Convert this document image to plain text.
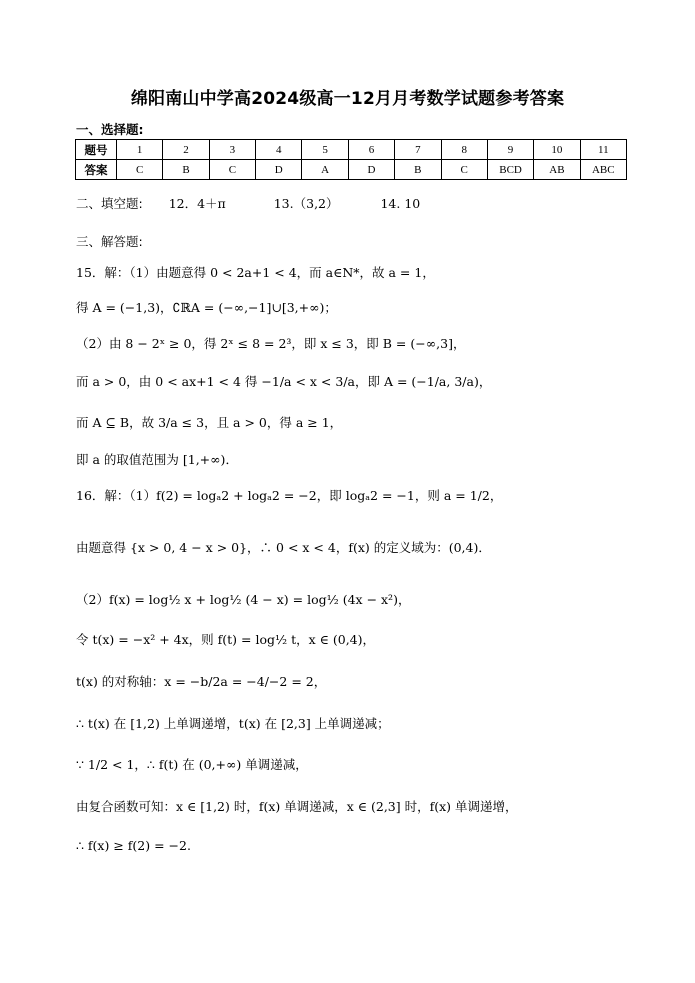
绵阳南山中学高2024级高一12月月考数学试题参考答案
一、选择题:
题号	1	2	3	4	5	6	7	8	9	10	11
答案	C	B	C	D	A	D	B	C	BCD	AB	ABC
二、填空题: 12．4＋π	13.（3,2）	14. 10
三、解答题:
15．解：（1）由题意得 0 < 2a+1 < 4，而 a∈N*，故 a = 1，
得 A = (−1,3)，∁ℝA = (−∞,−1]∪[3,+∞)；
（2）由 8 − 2ˣ ≥ 0，得 2ˣ ≤ 8 = 2³，即 x ≤ 3，即 B = (−∞,3]，
而 a > 0，由 0 < ax+1 < 4 得 −1/a < x < 3/a，即 A = (−1/a, 3/a)，
而 A ⊆ B，故 3/a ≤ 3，且 a > 0，得 a ≥ 1，
即 a 的取值范围为 [1,+∞)．
16．解：（1）f(2) = logₐ2 + logₐ2 = −2，即 logₐ2 = −1，则 a = 1/2，
由题意得 {x > 0, 4 − x > 0}，∴ 0 < x < 4，f(x) 的定义域为：(0,4)．
（2）f(x) = log½ x + log½ (4 − x) = log½ (4x − x²)，
令 t(x) = −x² + 4x，则 f(t) = log½ t，x ∈ (0,4)，
t(x) 的对称轴：x = −b/2a = −4/−2 = 2，
∴ t(x) 在 [1,2) 上单调递增，t(x) 在 [2,3] 上单调递减；
∵ 1/2 < 1，∴ f(t) 在 (0,+∞) 单调递减，
由复合函数可知：x ∈ [1,2) 时，f(x) 单调递减，x ∈ (2,3] 时，f(x) 单调递增，
∴ f(x) ≥ f(2) = −2.
